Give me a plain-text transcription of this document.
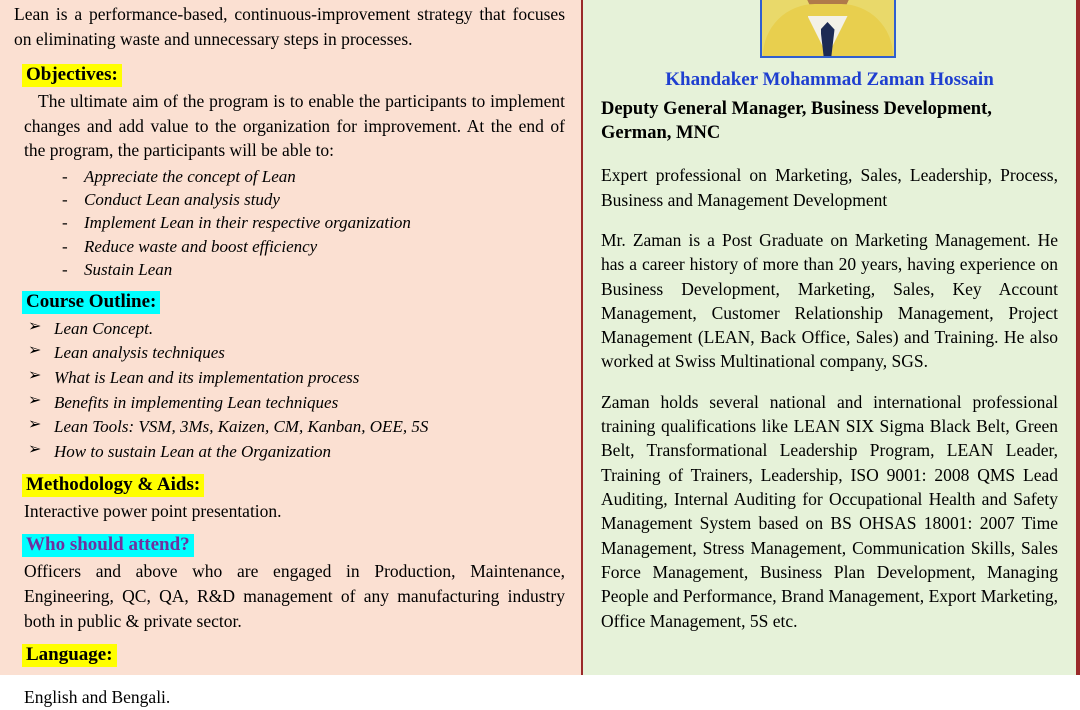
Lean is a performance-based, continuous-improvement strategy that focuses on eliminating waste and unnecessary steps in processes.

Objectives:

The ultimate aim of the program is to enable the participants to implement changes and add value to the organization for improvement. At the end of the program, the participants will be able to:

- Appreciate the concept of Lean
- Conduct Lean analysis study
- Implement Lean in their respective organization
- Reduce waste and boost efficiency
- Sustain Lean
Course Outline:
➢ Lean Concept.
➢ Lean analysis techniques
➢ What is Lean and its implementation process
➢ Benefits in implementing Lean techniques
➢ Lean Tools: VSM, 3Ms, Kaizen, CM, Kanban, OEE, 5S
➢ How to sustain Lean at the Organization
Methodology & Aids:

Interactive power point presentation.

Who should attend?

Officers and above who are engaged in Production, Maintenance, Engineering, QC, QA, R&D management of any manufacturing industry both in public & private sector.

Language:

English and Bengali.

Khandaker Mohammad Zaman Hossain
Deputy General Manager, Business Development, German, MNC

Expert professional on Marketing, Sales, Leadership, Process, Business and Management Development

Mr. Zaman is a Post Graduate on Marketing Management. He has a career history of more than 20 years, having experience on Business Development, Marketing, Sales, Key Account Management, Customer Relationship Management, Project Management (LEAN, Back Office, Sales) and Training. He also worked at Swiss Multinational company, SGS.

Zaman holds several national and international professional training qualifications like LEAN SIX Sigma Black Belt, Green Belt, Transformational Leadership Program, LEAN Leader, Training of Trainers, Leadership, ISO 9001: 2008 QMS Lead Auditing, Internal Auditing for Occupational Health and Safety Management System based on BS OHSAS 18001: 2007 Time Management, Stress Management, Communication Skills, Sales Force Management, Business Plan Development, Managing People and Performance, Brand Management, Export Marketing, Office Management, 5S etc.
